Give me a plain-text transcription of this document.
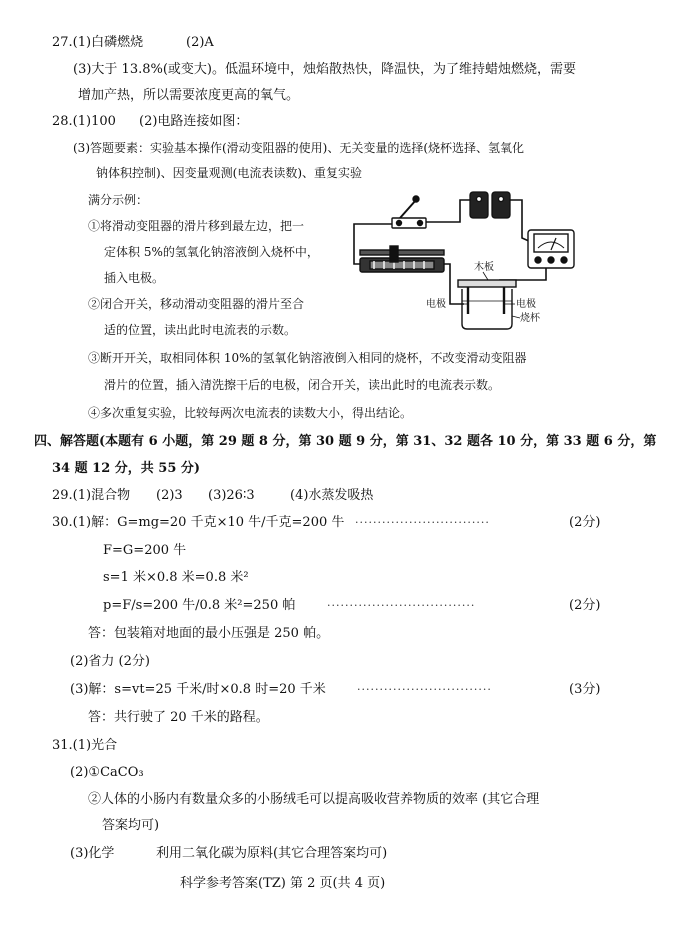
27.(1)白磷燃烧	(2)A
(3)大于 13.8%(或变大)。低温环境中，烛焰散热快，降温快，为了维持蜡烛燃烧，需要
增加产热，所以需要浓度更高的氧气。
28.(1)100 (2)电路连接如图：
(3)答题要素：实验基本操作(滑动变阻器的使用)、无关变量的选择(烧杯选择、氢氧化
钠体积控制)、因变量观测(电流表读数)、重复实验
满分示例：
①将滑动变阻器的滑片移到最左边，把一
定体积 5%的氢氧化钠溶液倒入烧杯中，
插入电极。
②闭合开关，移动滑动变阻器的滑片至合
适的位置，读出此时电流表的示数。
③断开开关，取相同体积 10%的氢氧化钠溶液倒入相同的烧杯，不改变滑动变阻器
滑片的位置，插入清洗擦干后的电极，闭合开关，读出此时的电流表示数。
④多次重复实验，比较每两次电流表的读数大小，得出结论。
木板
电极	电极
烧杯
四、解答题(本题有 6 小题，第 29 题 8 分，第 30 题 9 分，第 31、32 题各 10 分，第 33 题 6 分，第
34 题 12 分，共 55 分)
29.(1)混合物 (2)3 (3)26∶3	(4)水蒸发吸热
30.(1)解：G=mg=20 千克×10 牛/千克=200 牛 ······························	(2分)
F=G=200 牛
s=1 米×0.8 米=0.8 米²
p=F/s=200 牛/0.8 米²=250 帕	·································	(2分)
答：包装箱对地面的最小压强是 250 帕。
(2)省力 (2分)
(3)解：s=vt=25 千米/时×0.8 时=20 千米	······························	(3分)
答：共行驶了 20 千米的路程。
31.(1)光合
(2)①CaCO₃
②人体的小肠内有数量众多的小肠绒毛可以提高吸收营养物质的效率 (其它合理
答案均可)
(3)化学	利用二氧化碳为原料(其它合理答案均可)
科学参考答案(TZ) 第 2 页(共 4 页)
